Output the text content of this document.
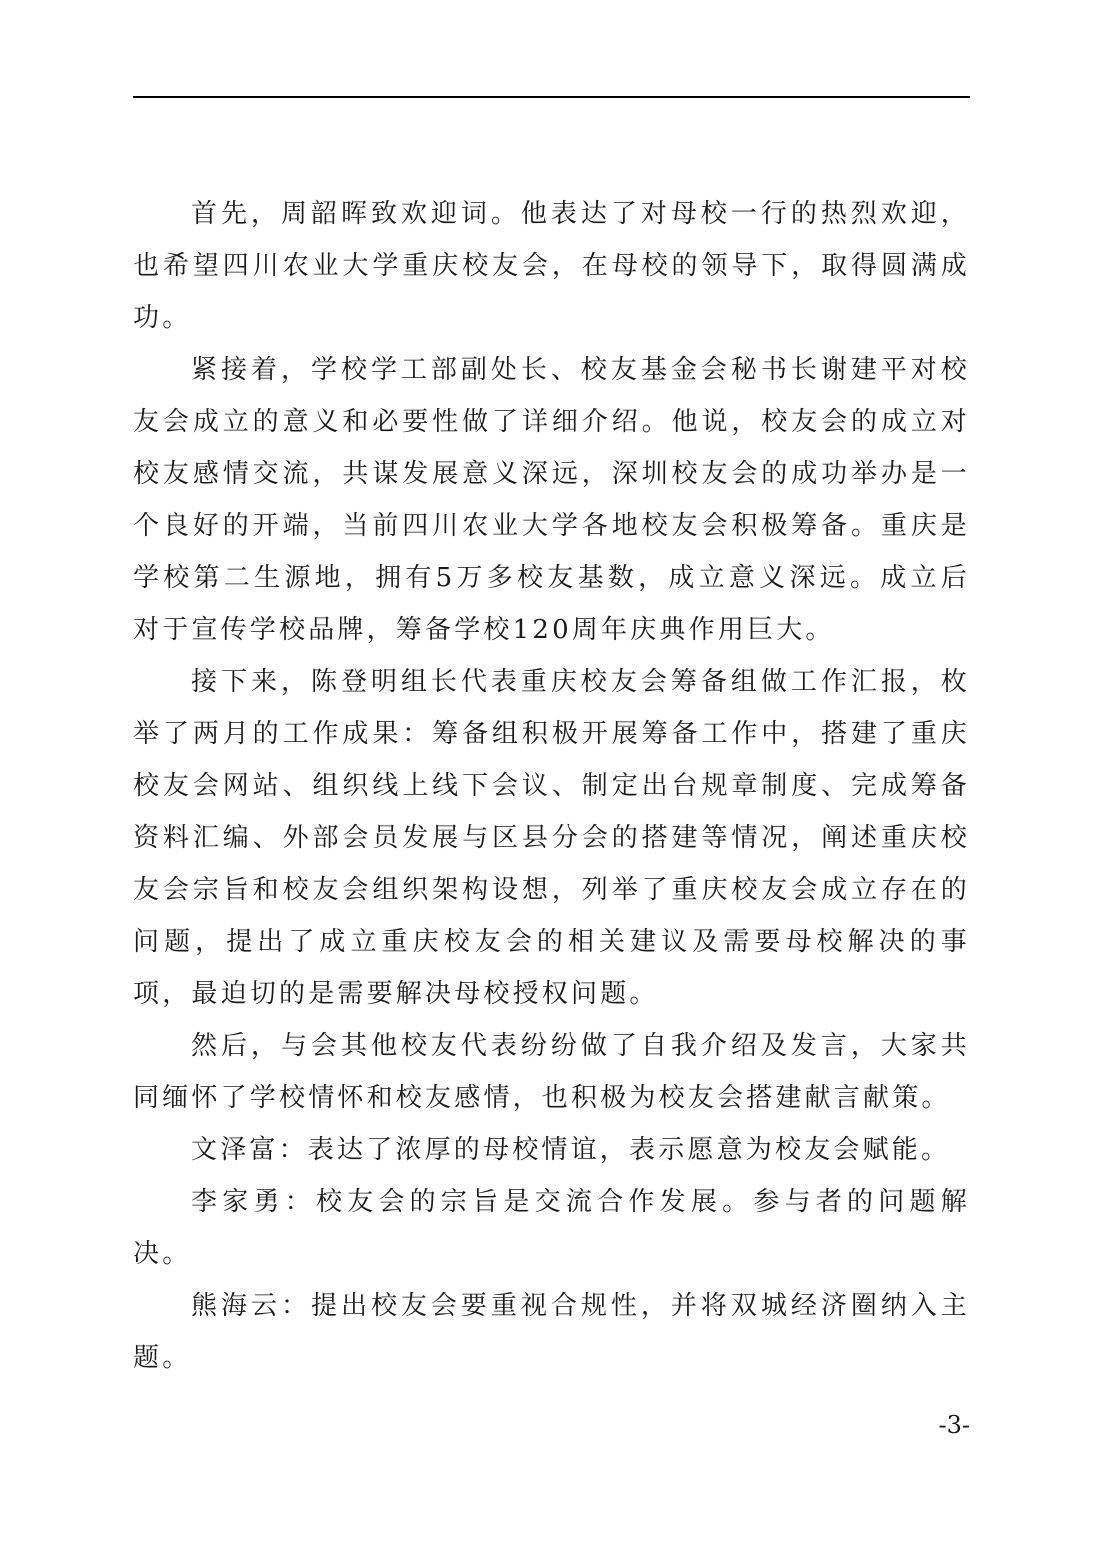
首先，周韶晖致欢迎词。他表达了对母校一行的热烈欢迎，也希望四川农业大学重庆校友会，在母校的领导下，取得圆满成功。

紧接着，学校学工部副处长、校友基金会秘书长谢建平对校友会成立的意义和必要性做了详细介绍。他说，校友会的成立对校友感情交流，共谋发展意义深远，深圳校友会的成功举办是一个良好的开端，当前四川农业大学各地校友会积极筹备。重庆是学校第二生源地，拥有5万多校友基数，成立意义深远。成立后对于宣传学校品牌，筹备学校120周年庆典作用巨大。

接下来，陈登明组长代表重庆校友会筹备组做工作汇报，枚举了两月的工作成果：筹备组积极开展筹备工作中，搭建了重庆校友会网站、组织线上线下会议、制定出台规章制度、完成筹备资料汇编、外部会员发展与区县分会的搭建等情况，阐述重庆校友会宗旨和校友会组织架构设想，列举了重庆校友会成立存在的问题，提出了成立重庆校友会的相关建议及需要母校解决的事项，最迫切的是需要解决母校授权问题。

然后，与会其他校友代表纷纷做了自我介绍及发言，大家共同缅怀了学校情怀和校友感情，也积极为校友会搭建献言献策。

文泽富：表达了浓厚的母校情谊，表示愿意为校友会赋能。

李家勇：校友会的宗旨是交流合作发展。参与者的问题解决。

熊海云：提出校友会要重视合规性，并将双城经济圈纳入主题。

-3-
